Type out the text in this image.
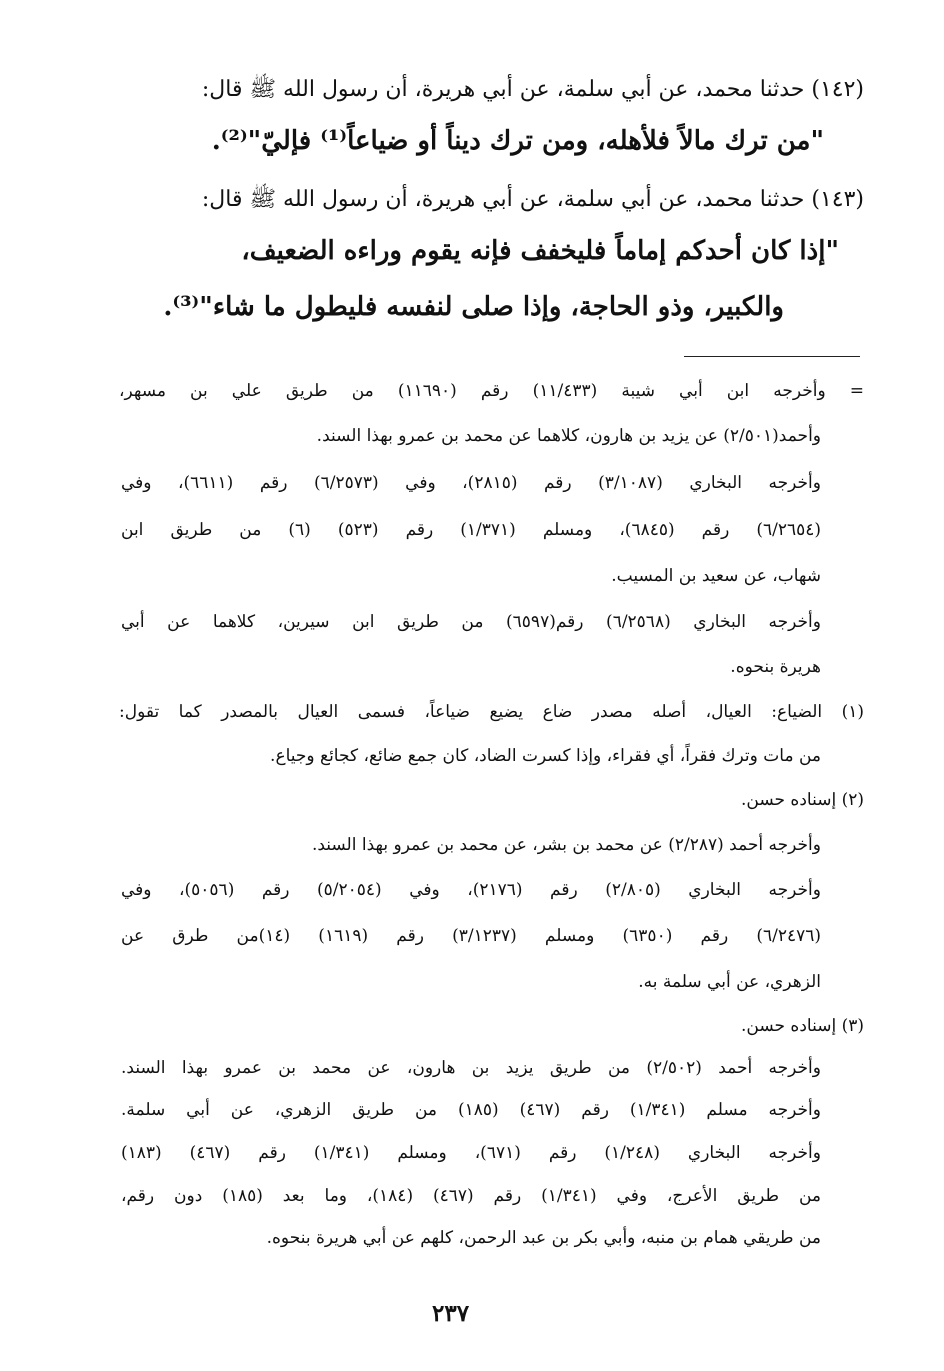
(١٤٢) حدثنا محمد، عن أبي سلمة، عن أبي هريرة، أن رسول الله ﷺ قال:
"من ترك مالاً فلأهله، ومن ترك ديناً أو ضياعاً⁽¹⁾ فإليّ"⁽²⁾.
(١٤٣) حدثنا محمد، عن أبي سلمة، عن أبي هريرة، أن رسول الله ﷺ قال:
"إذا كان أحدكم إماماً فليخفف فإنه يقوم وراءه الضعيف،
والكبير، وذو الحاجة، وإذا صلى لنفسه فليطول ما شاء"⁽³⁾.
= وأخرجه ابن أبي شيبة (١١/٤٣٣) رقم (١١٦٩٠) من طريق علي بن مسهر،
وأحمد(٢/٥٠١) عن يزيد بن هارون، كلاهما عن محمد بن عمرو بهذا السند.
وأخرجه البخاري (٣/١٠٨٧) رقم (٢٨١٥)، وفي (٦/٢٥٧٣) رقم (٦٦١١)، وفي
(٦/٢٦٥٤) رقم (٦٨٤٥)، ومسلم (١/٣٧١) رقم (٥٢٣) (٦) من طريق ابن
شهاب، عن سعيد بن المسيب.
وأخرجه البخاري (٦/٢٥٦٨) رقم(٦٥٩٧) من طريق ابن سيرين، كلاهما عن أبي
هريرة بنحوه.
(١) الضياع: العيال، أصله مصدر ضاع يضيع ضياعاً، فسمى العيال بالمصدر كما تقول:
من مات وترك فقراً، أي فقراء، وإذا كسرت الضاد، كان جمع ضائع، كجائع وجياع.
(٢) إسناده حسن.
وأخرجه أحمد (٢/٢٨٧) عن محمد بن بشر، عن محمد بن عمرو بهذا السند.
وأخرجه البخاري (٢/٨٠٥) رقم (٢١٧٦)، وفي (٥/٢٠٥٤) رقم (٥٠٥٦)، وفي
(٦/٢٤٧٦) رقم (٦٣٥٠) ومسلم (٣/١٢٣٧) رقم (١٦١٩) (١٤)من طرق عن
الزهري، عن أبي سلمة به.
(٣) إسناده حسن.
وأخرجه أحمد (٢/٥٠٢) من طريق يزيد بن هارون، عن محمد بن عمرو بهذا السند.
وأخرجه مسلم (١/٣٤١) رقم (٤٦٧) (١٨٥) من طريق الزهري، عن أبي سلمة.
وأخرجه البخاري (١/٢٤٨) رقم (٦٧١)، ومسلم (١/٣٤١) رقم (٤٦٧) (١٨٣)
من طريق الأعرج، وفي (١/٣٤١) رقم (٤٦٧) (١٨٤)، وما بعد (١٨٥) دون رقم،
من طريقي همام بن منبه، وأبي بكر بن عبد الرحمن، كلهم عن أبي هريرة بنحوه.
٢٣٧
